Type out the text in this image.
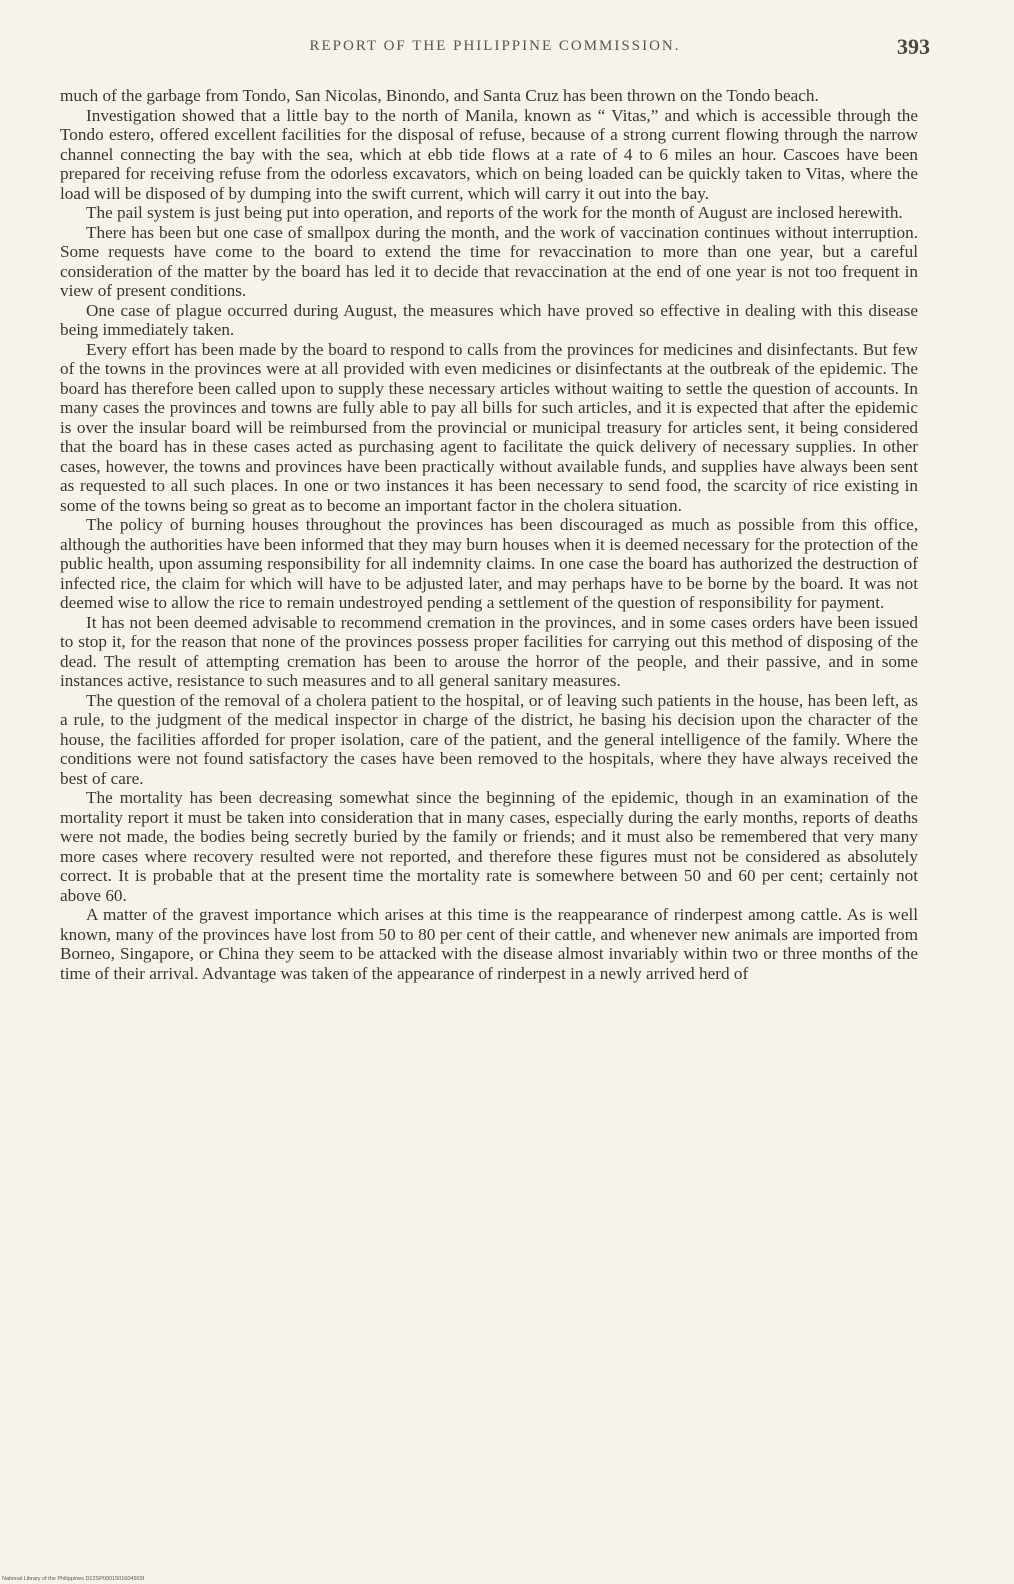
REPORT OF THE PHILIPPINE COMMISSION.	393

much of the garbage from Tondo, San Nicolas, Binondo, and Santa Cruz has been thrown on the Tondo beach.

Investigation showed that a little bay to the north of Manila, known as “ Vitas,” and which is accessible through the Tondo estero, offered excellent facilities for the disposal of refuse, because of a strong current flowing through the narrow channel connecting the bay with the sea, which at ebb tide flows at a rate of 4 to 6 miles an hour. Cascoes have been prepared for receiving refuse from the odorless excavators, which on being loaded can be quickly taken to Vitas, where the load will be disposed of by dumping into the swift current, which will carry it out into the bay.

The pail system is just being put into operation, and reports of the work for the month of August are inclosed herewith.

There has been but one case of smallpox during the month, and the work of vaccination continues without interruption. Some requests have come to the board to extend the time for revaccination to more than one year, but a careful consideration of the matter by the board has led it to decide that revaccination at the end of one year is not too frequent in view of present conditions.

One case of plague occurred during August, the measures which have proved so effective in dealing with this disease being immediately taken.

Every effort has been made by the board to respond to calls from the provinces for medicines and disinfectants. But few of the towns in the provinces were at all provided with even medicines or disinfectants at the outbreak of the epidemic. The board has therefore been called upon to supply these necessary articles without waiting to settle the question of accounts. In many cases the provinces and towns are fully able to pay all bills for such articles, and it is expected that after the epidemic is over the insular board will be reimbursed from the provincial or municipal treasury for articles sent, it being considered that the board has in these cases acted as purchasing agent to facilitate the quick delivery of necessary supplies. In other cases, however, the towns and provinces have been practically without available funds, and supplies have always been sent as requested to all such places. In one or two instances it has been necessary to send food, the scarcity of rice existing in some of the towns being so great as to become an important factor in the cholera situation.

The policy of burning houses throughout the provinces has been discouraged as much as possible from this office, although the authorities have been informed that they may burn houses when it is deemed necessary for the protection of the public health, upon assuming responsibility for all indemnity claims. In one case the board has authorized the destruction of infected rice, the claim for which will have to be adjusted later, and may perhaps have to be borne by the board. It was not deemed wise to allow the rice to remain undestroyed pending a settlement of the question of responsibility for payment.

It has not been deemed advisable to recommend cremation in the provinces, and in some cases orders have been issued to stop it, for the reason that none of the provinces possess proper facilities for carrying out this method of disposing of the dead. The result of attempting cremation has been to arouse the horror of the people, and their passive, and in some instances active, resistance to such measures and to all general sanitary measures.

The question of the removal of a cholera patient to the hospital, or of leaving such patients in the house, has been left, as a rule, to the judgment of the medical inspector in charge of the district, he basing his decision upon the character of the house, the facilities afforded for proper isolation, care of the patient, and the general intelligence of the family. Where the conditions were not found satisfactory the cases have been removed to the hospitals, where they have always received the best of care.

The mortality has been decreasing somewhat since the beginning of the epidemic, though in an examination of the mortality report it must be taken into consideration that in many cases, especially during the early months, reports of deaths were not made, the bodies being secretly buried by the family or friends; and it must also be remembered that very many more cases where recovery resulted were not reported, and therefore these figures must not be considered as absolutely correct. It is probable that at the present time the mortality rate is somewhere between 50 and 60 per cent; certainly not above 60.

A matter of the gravest importance which arises at this time is the reappearance of rinderpest among cattle. As is well known, many of the provinces have lost from 50 to 80 per cent of their cattle, and whenever new animals are imported from Borneo, Singapore, or China they seem to be attacked with the disease almost invariably within two or three months of the time of their arrival. Advantage was taken of the appearance of rinderpest in a newly arrived herd of

National Library of the Philippines D12SP0001501604503I
